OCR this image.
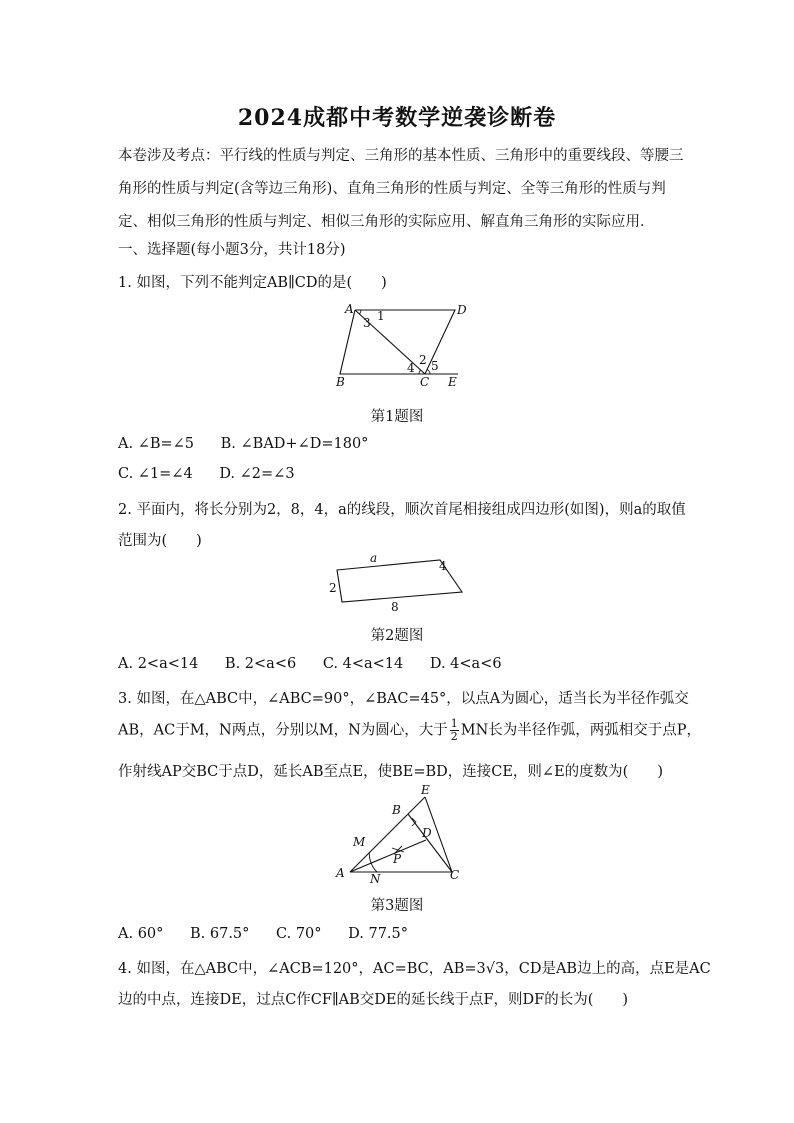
2024成都中考数学逆袭诊断卷
本卷涉及考点：平行线的性质与判定、三角形的基本性质、三角形中的重要线段、等腰三角形的性质与判定(含等边三角形)、直角三角形的性质与判定、全等三角形的性质与判定、相似三角形的性质与判定、相似三角形的实际应用、解直角三角形的实际应用．
一、选择题(每小题3分，共计18分)
1. 如图，下列不能判定AB∥CD的是(　　)
A	D
B	C E
1
2
3
4 5
第1题图
A. ∠B=∠5 B. ∠BAD+∠D=180°
C. ∠1=∠4 D. ∠2=∠3
2. 平面内，将长分别为2，8，4，a的线段，顺次首尾相接组成四边形(如图)，则a的取值
范围为(　　)
a
4
2
8
第2题图
A. 2<a<14 B. 2<a<6 C. 4<a<14 D. 4<a<6
3. 如图，在△ABC中，∠ABC=90°，∠BAC=45°，以点A为圆心，适当长为半径作弧交
AB，AC于M，N两点，分别以M，N为圆心，大于 $\frac{1}{2}$ MN长为半径作弧，两弧相交于点P，
作射线AP交BC于点D，延长AB至点E，使BE=BD，连接CE，则∠E的度数为(　　)
E
B
D
M
P
A N	C
第3题图
A. 60° B. 67.5° C. 70° D. 77.5°
4. 如图，在△ABC中，∠ACB=120°，AC=BC，AB=3√3，CD是AB边上的高，点E是AC
边的中点，连接DE，过点C作CF∥AB交DE的延长线于点F，则DF的长为(　　)
